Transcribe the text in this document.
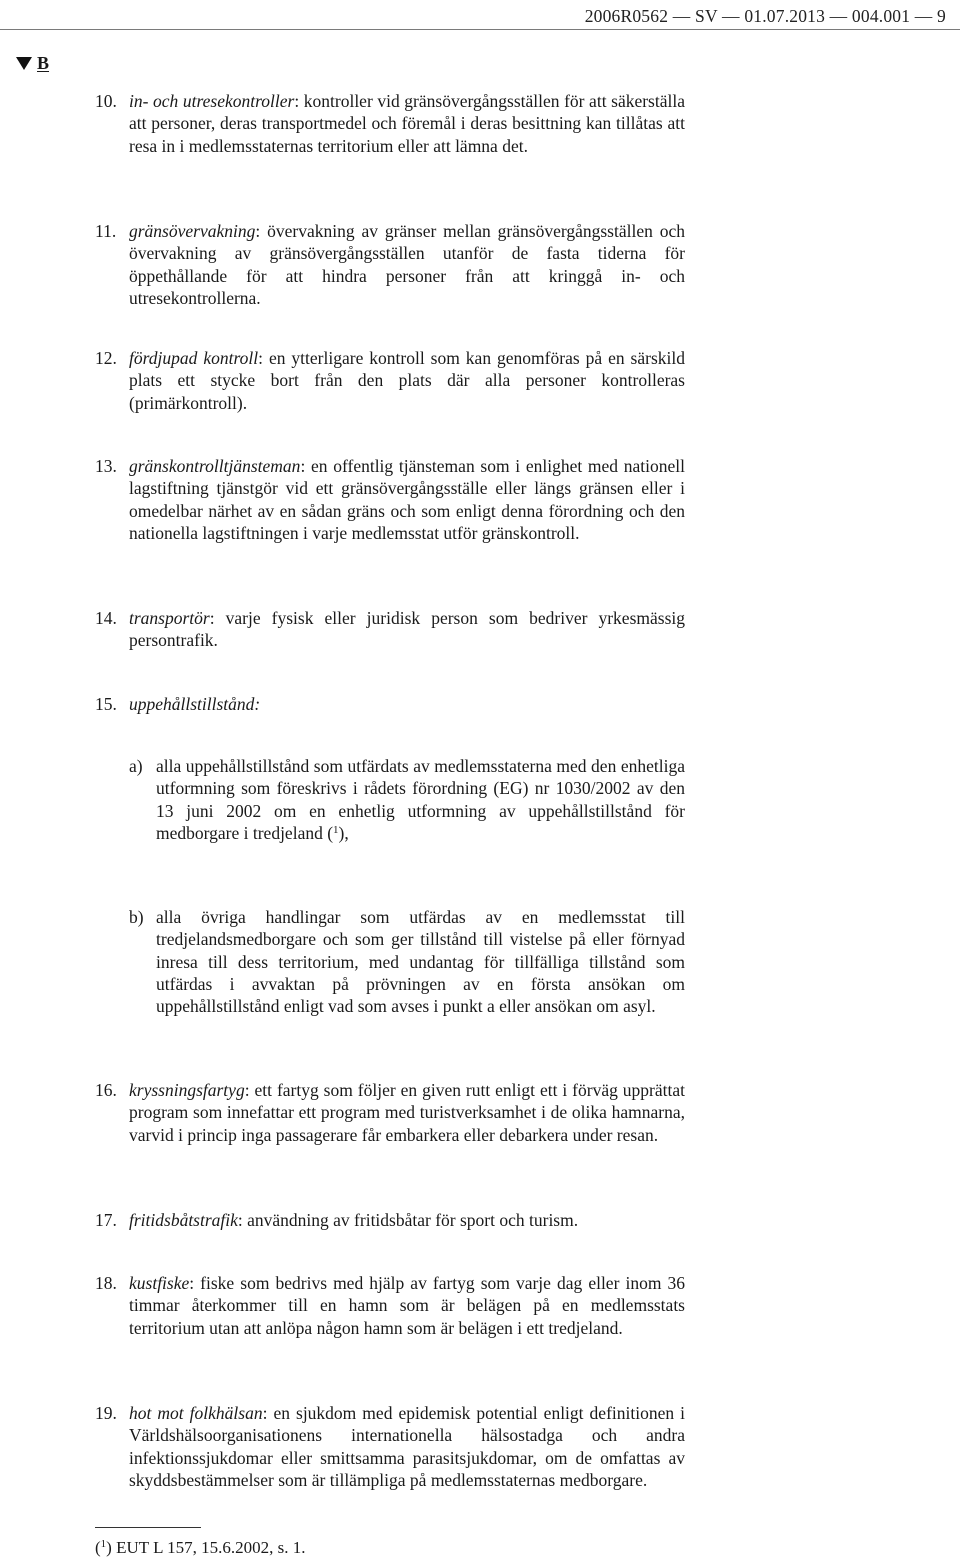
2006R0562 — SV — 01.07.2013 — 004.001 — 9
B
10. in- och utresekontroller: kontroller vid gränsövergångsställen för att säkerställa att personer, deras transportmedel och föremål i deras besittning kan tillåtas att resa in i medlemsstaternas territorium eller att lämna det.
11. gränsövervakning: övervakning av gränser mellan gränsövergångsställen och övervakning av gränsövergångsställen utanför de fasta tiderna för öppethållande för att hindra personer från att kringgå in- och utresekontrollerna.
12. fördjupad kontroll: en ytterligare kontroll som kan genomföras på en särskild plats ett stycke bort från den plats där alla personer kontrolleras (primärkontroll).
13. gränskontrolltjänsteman: en offentlig tjänsteman som i enlighet med nationell lagstiftning tjänstgör vid ett gränsövergångsställe eller längs gränsen eller i omedelbar närhet av en sådan gräns och som enligt denna förordning och den nationella lagstiftningen i varje medlemsstat utför gränskontroll.
14. transportör: varje fysisk eller juridisk person som bedriver yrkesmässig persontrafik.
15. uppehållstillstånd:
a) alla uppehållstillstånd som utfärdats av medlemsstaterna med den enhetliga utformning som föreskrivs i rådets förordning (EG) nr 1030/2002 av den 13 juni 2002 om en enhetlig utformning av uppehållstillstånd för medborgare i tredjeland ($^1$),
b) alla övriga handlingar som utfärdas av en medlemsstat till tredjelandsmedborgare och som ger tillstånd till vistelse på eller förnyad inresa till dess territorium, med undantag för tillfälliga tillstånd som utfärdas i avvaktan på prövningen av en första ansökan om uppehållstillstånd enligt vad som avses i punkt a eller ansökan om asyl.
16. kryssningsfartyg: ett fartyg som följer en given rutt enligt ett i förväg upprättat program som innefattar ett program med turistverksamhet i de olika hamnarna, varvid i princip inga passagerare får embarkera eller debarkera under resan.
17. fritidsbåtstrafik: användning av fritidsbåtar för sport och turism.
18. kustfiske: fiske som bedrivs med hjälp av fartyg som varje dag eller inom 36 timmar återkommer till en hamn som är belägen på en medlemsstats territorium utan att anlöpa någon hamn som är belägen i ett tredjeland.
19. hot mot folkhälsan: en sjukdom med epidemisk potential enligt definitionen i Världshälsoorganisationens internationella hälsostadga och andra infektionssjukdomar eller smittsamma parasitsjukdomar, om de omfattas av skyddsbestämmelser som är tillämpliga på medlemsstaternas medborgare.
($^1$) EUT L 157, 15.6.2002, s. 1.
